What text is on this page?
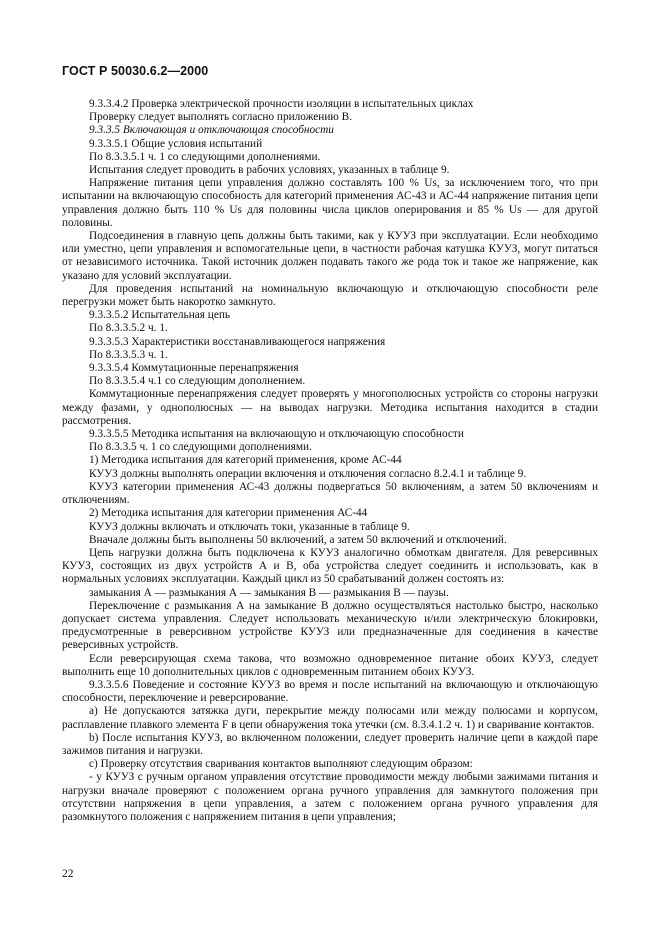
ГОСТ Р 50030.6.2—2000

9.3.3.4.2 Проверка электрической прочности изоляции в испытательных циклах

Проверку следует выполнять согласно приложению В.

9.3.3.5 Включающая и отключающая способности

9.3.3.5.1 Общие условия испытаний

По 8.3.3.5.1 ч. 1 со следующими дополнениями.

Испытания следует проводить в рабочих условиях, указанных в таблице 9.

Напряжение питания цепи управления должно составлять 100 % Us, за исключением того, что при испытании на включающую способность для категорий применения АС-43 и АС-44 напряжение питания цепи управления должно быть 110 % Us для половины числа циклов оперирования и 85 % Us — для другой половины.

Подсоединения в главную цепь должны быть такими, как у КУУЗ при эксплуатации. Если необходимо или уместно, цепи управления и вспомогательные цепи, в частности рабочая катушка КУУЗ, могут питаться от независимого источника. Такой источник должен подавать такого же рода ток и такое же напряжение, как указано для условий эксплуатации.

Для проведения испытаний на номинальную включающую и отключающую способности реле перегрузки может быть накоротко замкнуто.

9.3.3.5.2 Испытательная цепь

По 8.3.3.5.2 ч. 1.

9.3.3.5.3 Характеристики восстанавливающегося напряжения

По 8.3.3.5.3 ч. 1.

9.3.3.5.4 Коммутационные перенапряжения

По 8.3.3.5.4 ч.1 со следующим дополнением.

Коммутационные перенапряжения следует проверять у многополюсных устройств со стороны нагрузки между фазами, у однополюсных — на выводах нагрузки. Методика испытания находится в стадии рассмотрения.

9.3.3.5.5 Методика испытания на включающую и отключающую способности

По 8.3.3.5 ч. 1 со следующими дополнениями.

1) Методика испытания для категорий применения, кроме АС-44

КУУЗ должны выполнять операции включения и отключения согласно 8.2.4.1 и таблице 9.

КУУЗ категории применения АС-43 должны подвергаться 50 включениям, а затем 50 включениям и отключениям.

2) Методика испытания для категории применения АС-44

КУУЗ должны включать и отключать токи, указанные в таблице 9.

Вначале должны быть выполнены 50 включений, а затем 50 включений и отключений.

Цепь нагрузки должна быть подключена к КУУЗ аналогично обмоткам двигателя. Для реверсивных КУУЗ, состоящих из двух устройств А и В, оба устройства следует соединить и использовать, как в нормальных условиях эксплуатации. Каждый цикл из 50 срабатываний должен состоять из:

замыкания А — размыкания А — замыкания В — размыкания В — паузы.

Переключение с размыкания А на замыкание В должно осуществляться настолько быстро, насколько допускает система управления. Следует использовать механическую и/или электрическую блокировки, предусмотренные в реверсивном устройстве КУУЗ или предназначенные для соединения в качестве реверсивных устройств.

Если реверсирующая схема такова, что возможно одновременное питание обоих КУУЗ, следует выполнить еще 10 дополнительных циклов с одновременным питанием обоих КУУЗ.

9.3.3.5.6 Поведение и состояние КУУЗ во время и после испытаний на включающую и отключающую способности, переключение и реверсирование.

a) Не допускаются затяжка дуги, перекрытие между полюсами или между полюсами и корпусом, расплавление плавкого элемента F в цепи обнаружения тока утечки (см. 8.3.4.1.2 ч. 1) и сваривание контактов.

b) После испытания КУУЗ, во включенном положении, следует проверить наличие цепи в каждой паре зажимов питания и нагрузки.

c) Проверку отсутствия сваривания контактов выполняют следующим образом:

- у КУУЗ с ручным органом управления отсутствие проводимости между любыми зажимами питания и нагрузки вначале проверяют с положением органа ручного управления для замкнутого положения при отсутствии напряжения в цепи управления, а затем с положением органа ручного управления для разомкнутого положения с напряжением питания в цепи управления;

22
